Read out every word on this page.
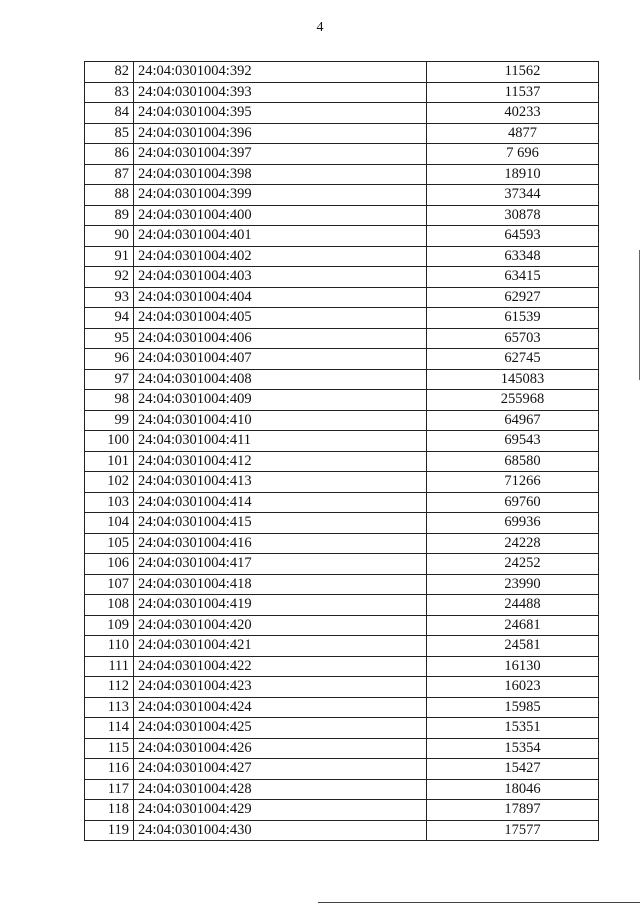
4
82	24:04:0301004:392	11562
83	24:04:0301004:393	11537
84	24:04:0301004:395	40233
85	24:04:0301004:396	4877
86	24:04:0301004:397	7 696
87	24:04:0301004:398	18910
88	24:04:0301004:399	37344
89	24:04:0301004:400	30878
90	24:04:0301004:401	64593
91	24:04:0301004:402	63348
92	24:04:0301004:403	63415
93	24:04:0301004:404	62927
94	24:04:0301004:405	61539
95	24:04:0301004:406	65703
96	24:04:0301004:407	62745
97	24:04:0301004:408	145083
98	24:04:0301004:409	255968
99	24:04:0301004:410	64967
100	24:04:0301004:411	69543
101	24:04:0301004:412	68580
102	24:04:0301004:413	71266
103	24:04:0301004:414	69760
104	24:04:0301004:415	69936
105	24:04:0301004:416	24228
106	24:04:0301004:417	24252
107	24:04:0301004:418	23990
108	24:04:0301004:419	24488
109	24:04:0301004:420	24681
110	24:04:0301004:421	24581
111	24:04:0301004:422	16130
112	24:04:0301004:423	16023
113	24:04:0301004:424	15985
114	24:04:0301004:425	15351
115	24:04:0301004:426	15354
116	24:04:0301004:427	15427
117	24:04:0301004:428	18046
118	24:04:0301004:429	17897
119	24:04:0301004:430	17577
